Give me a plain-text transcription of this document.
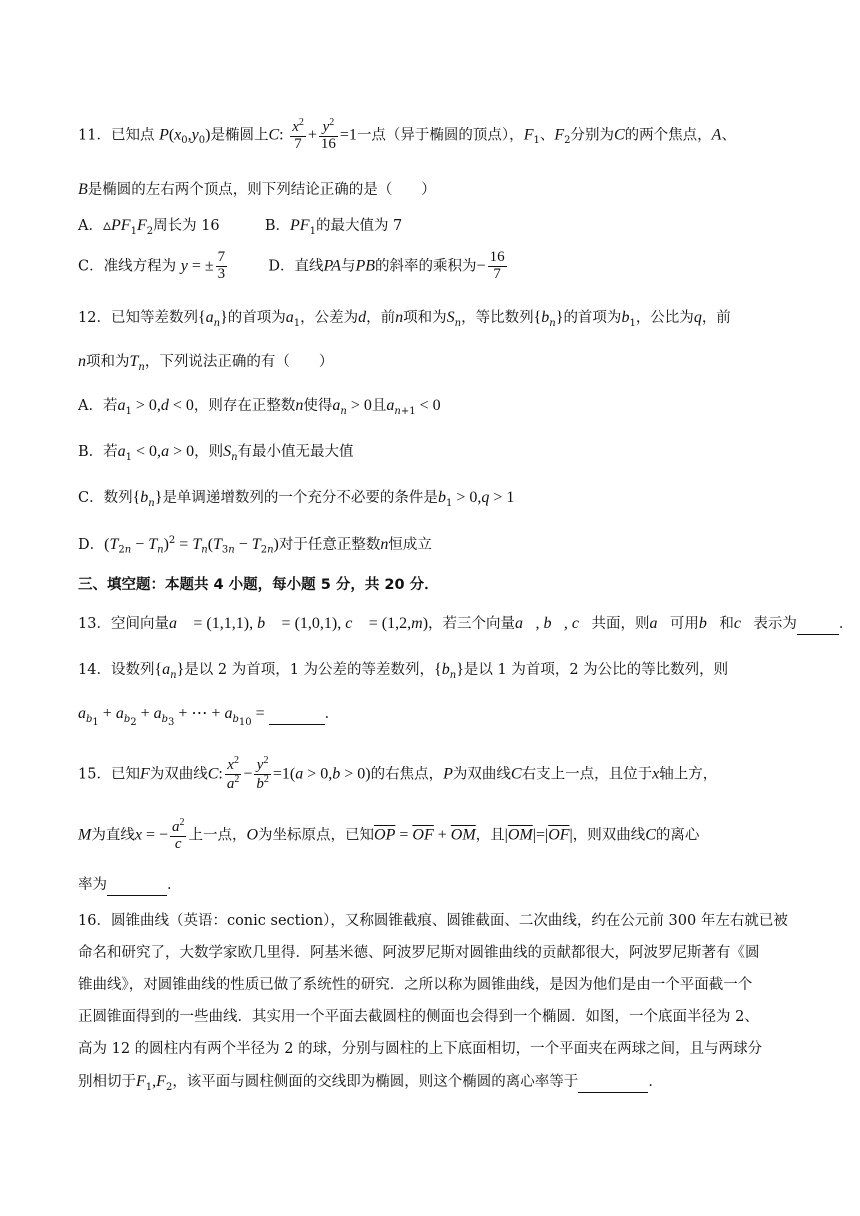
11．已知点 $P(x_0,y_0)$是椭圆上C: $\frac{x^2}{7} + \frac{y^2}{16} =1$一点（异于椭圆的顶点），$F_1$、$F_2$分别为C的两个焦点，A、
B是椭圆的左右两个顶点，则下列结论正确的是（　　）
A．$▵PF_1F_2$周长为 16	B．$PF_1$的最大值为 7
C．准线方程为 y = ± $\frac{7}{3}$	D．直线PA与PB的斜率的乘积为− $\frac{16}{7}$
12．已知等差数列$\{a_n\}$的首项为$a_1$，公差为d，前n项和为$S_n$，等比数列$\{b_n\}$的首项为$b_1$，公比为q，前
n项和为$T_n$，下列说法正确的有（　　）
A．若$a_1 > 0,d < 0$，则存在正整数n使得$a_n > 0$且$a_{n+1} < 0$
B．若$a_1 < 0,a > 0$，则$S_n$有最小值无最大值
C．数列$\{b_n\}$是单调递增数列的一个充分不必要的条件是$b_1 > 0,q > 1$
D．$(T_{2n} - T_n)^2 = T_n(T_{3n} - T_{2n})$对于任意正整数n恒成立
三、填空题：本题共 4 小题，每小题 5 分，共 20 分．
13．空间向量a⃗ = (1,1,1), b⃗ = (1,0,1), c⃗ = (1,2,m)，若三个向量a⃗, b⃗, c⃗共面，则a⃗可用b⃗和c⃗表示为	．
14．设数列$\{a_n\}$是以 2 为首项，1 为公差的等差数列，$\{b_n\}$是以 1 为首项，2 为公比的等比数列，则
$a_{b_1} + a_{b_2} + a_{b_3}$ + ⋯ + $a_{b_{10}}$ =	．
15．已知F为双曲线C: $\frac{x^2}{a^2} - \frac{y^2}{b^2} =1(a > 0,b > 0)$的右焦点，P为双曲线C右支上一点，且位于x轴上方，
M为直线x = − $\frac{a^2}{c}$ 上一点，O为坐标原点，已知$\overline{OP} = \overline{OF} + \overline{OM}$，且$|\overline{OM}|=|\overline{OF}|$，则双曲线C的离心
率为	．
16．圆锥曲线（英语：conic section），又称圆锥截痕、圆锥截面、二次曲线，约在公元前 300 年左右就已被
命名和研究了，大数学家欧几里得．阿基米德、阿波罗尼斯对圆锥曲线的贡献都很大，阿波罗尼斯著有《圆
锥曲线》，对圆锥曲线的性质已做了系统性的研究．之所以称为圆锥曲线，是因为他们是由一个平面截一个
正圆锥面得到的一些曲线．其实用一个平面去截圆柱的侧面也会得到一个椭圆．如图，一个底面半径为 2、
高为 12 的圆柱内有两个半径为 2 的球，分别与圆柱的上下底面相切，一个平面夹在两球之间，且与两球分
别相切于$F_1,F_2$，该平面与圆柱侧面的交线即为椭圆，则这个椭圆的离心率等于	．
